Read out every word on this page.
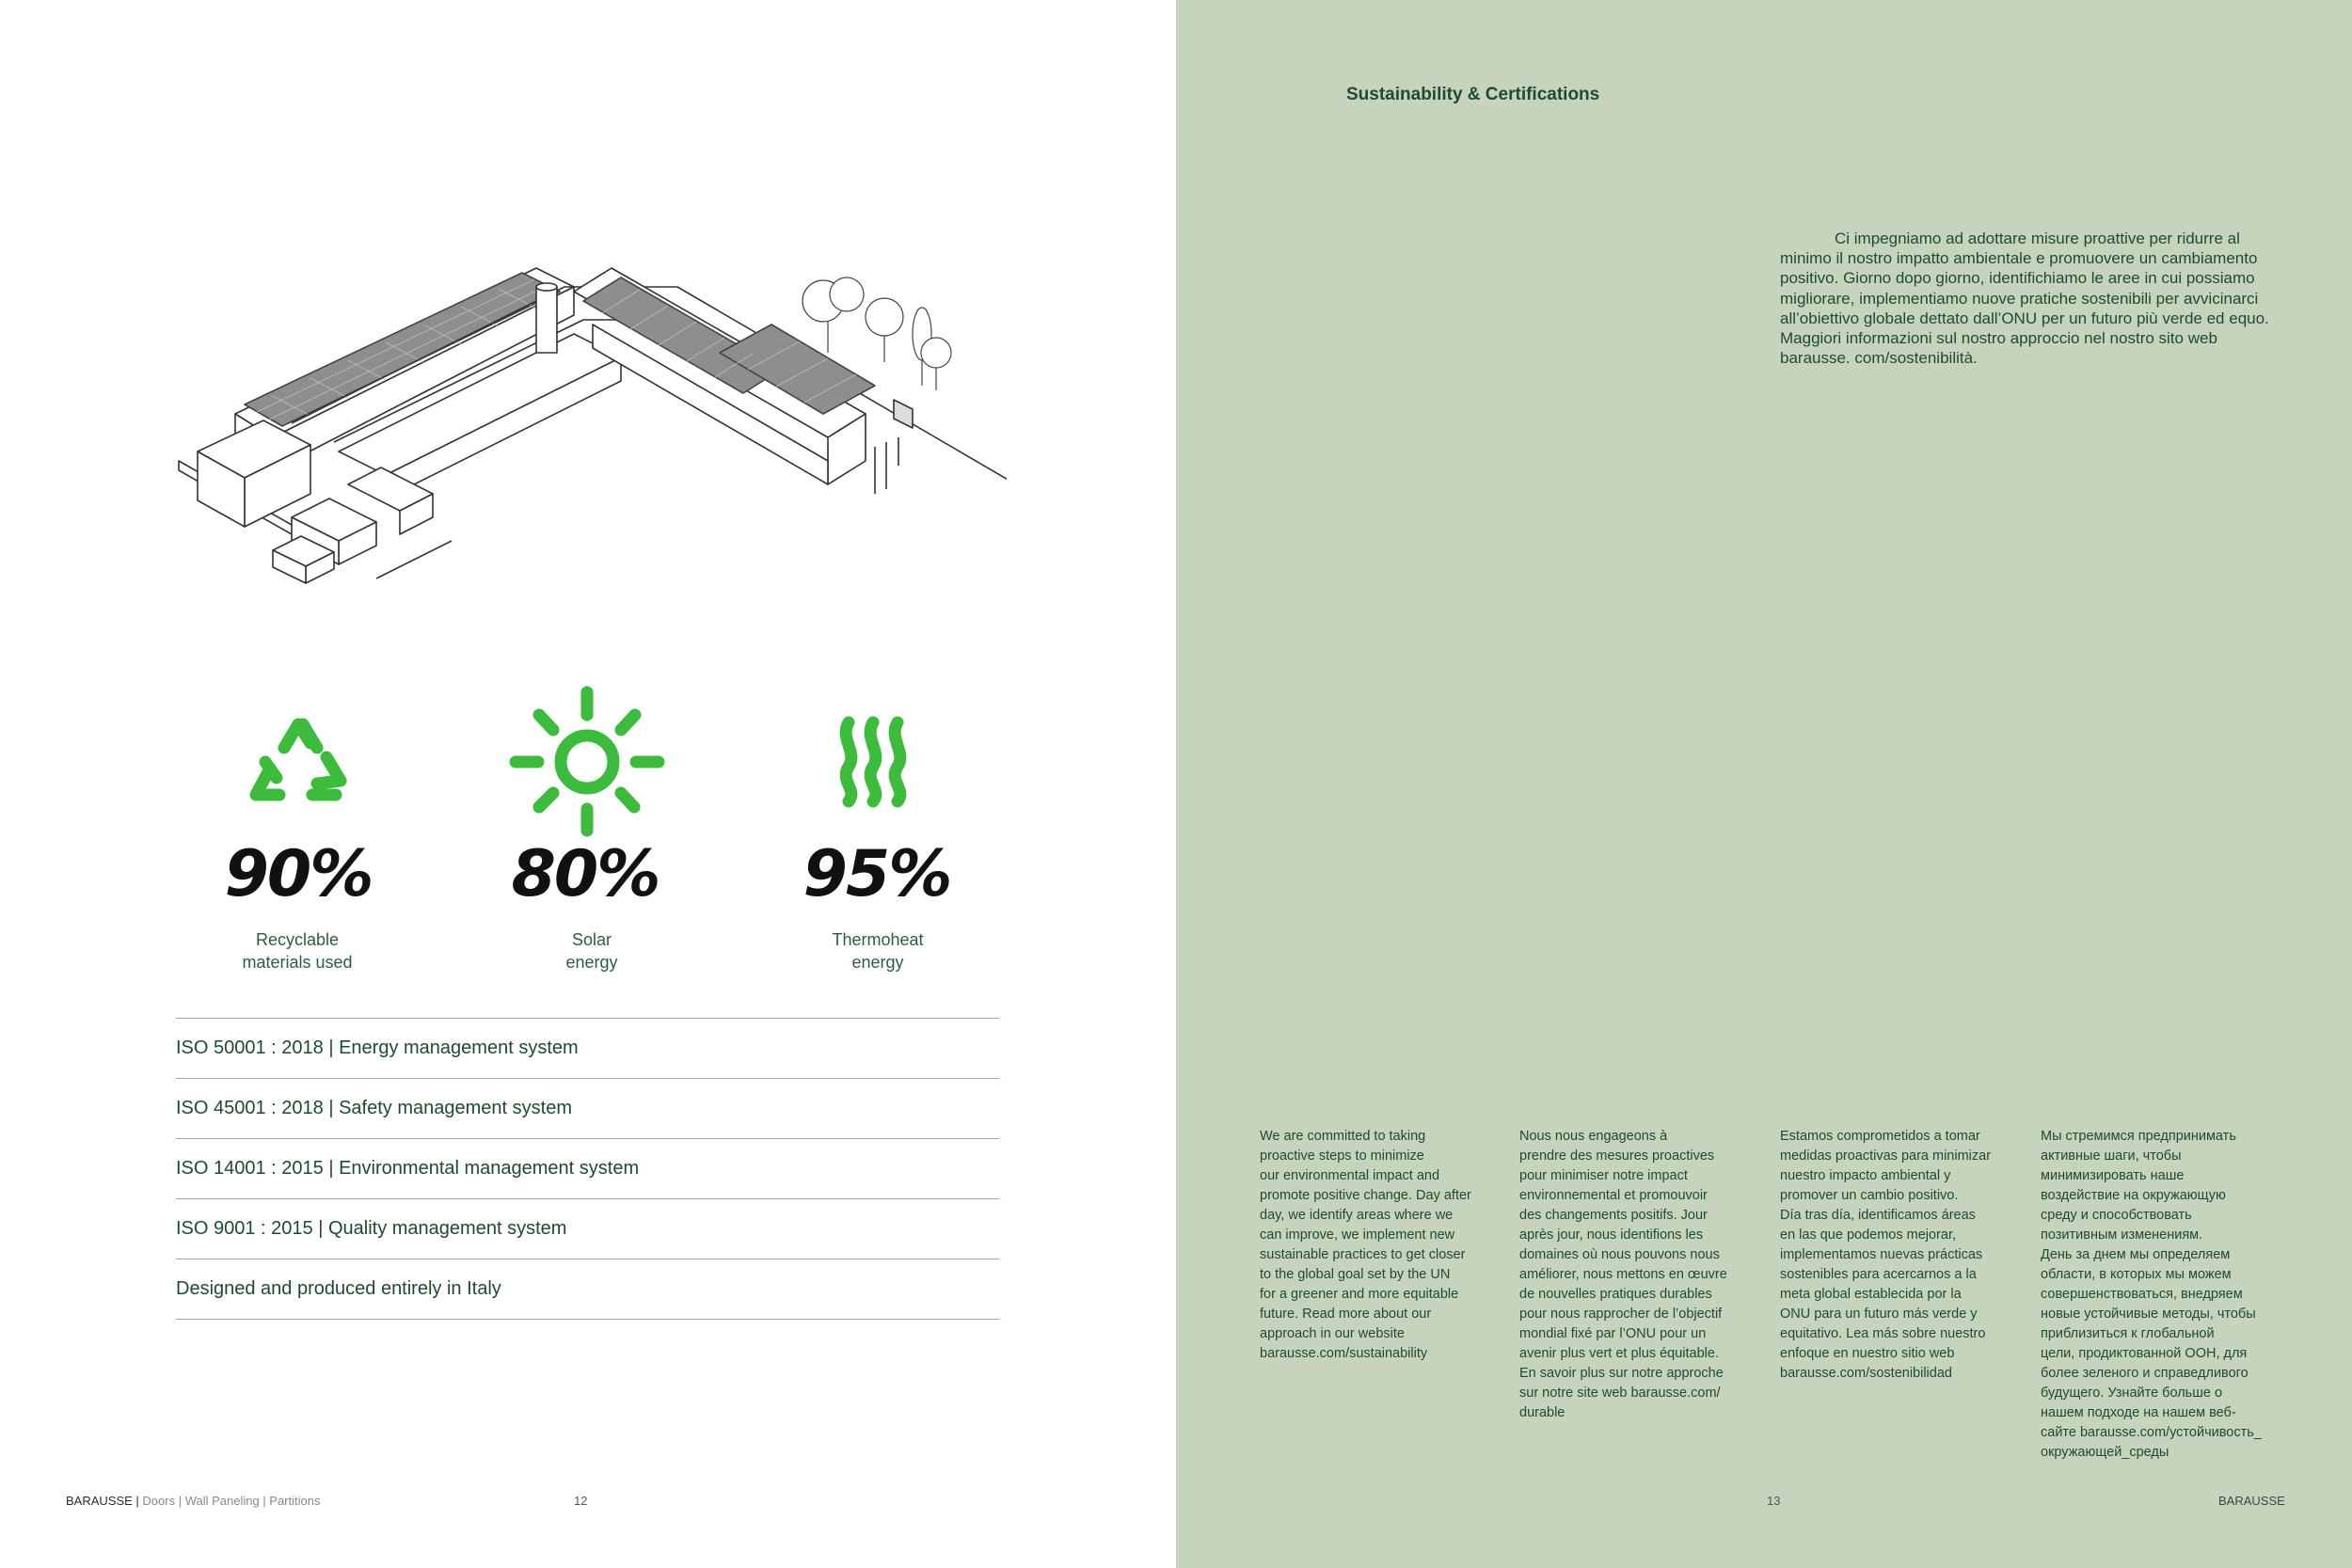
90%	80%	95%
Recyclable
materials used
Solar
energy
Thermoheat
energy
ISO 50001 : 2018 | Energy management system
ISO 45001 : 2018 | Safety management system
ISO 14001 : 2015 | Environmental management system
ISO 9001 : 2015 | Quality management system
Designed and produced entirely in Italy
BARAUSSE | Doors | Wall Paneling | Partitions	12
Sustainability & Certifications

Ci impegniamo ad adottare misure proattive per ridurre al minimo il nostro impatto ambientale e promuovere un cambiamento positivo. Giorno dopo giorno, identifichiamo le aree in cui possiamo migliorare, implementiamo nuove pratiche sostenibili per avvicinarci all’obiettivo globale dettato dall’ONU per un futuro più verde ed equo. Maggiori informazioni sul nostro approccio nel nostro sito web barausse. com/sostenibilità.

We are committed to taking
proactive steps to minimize
our environmental impact and
promote positive change. Day after
day, we identify areas where we
can improve, we implement new
sustainable practices to get closer
to the global goal set by the UN
for a greener and more equitable
future. Read more about our
approach in our website
barausse.com/sustainability
Nous nous engageons à
prendre des mesures proactives
pour minimiser notre impact
environnemental et promouvoir
des changements positifs. Jour
après jour, nous identifions les
domaines où nous pouvons nous
améliorer, nous mettons en œuvre
de nouvelles pratiques durables
pour nous rapprocher de l’objectif
mondial fixé par l’ONU pour un
avenir plus vert et plus équitable.
En savoir plus sur notre approche
sur notre site web barausse.com/
durable
Estamos comprometidos a tomar
medidas proactivas para minimizar
nuestro impacto ambiental y
promover un cambio positivo.
Día tras día, identificamos áreas
en las que podemos mejorar,
implementamos nuevas prácticas
sostenibles para acercarnos a la
meta global establecida por la
ONU para un futuro más verde y
equitativo. Lea más sobre nuestro
enfoque en nuestro sitio web
barausse.com/sostenibilidad
Мы стремимся предпринимать
активные шаги, чтобы
минимизировать наше
воздействие на окружающую
среду и способствовать
позитивным изменениям.
День за днем мы определяем
области, в которых мы можем
совершенствоваться, внедряем
новые устойчивые методы, чтобы
приблизиться к глобальной
цели, продиктованной ООН, для
более зеленого и справедливого
будущего. Узнайте больше о
нашем подходе на нашем веб-
сайте barausse.com/устойчивость_
окружающей_среды
13	BARAUSSE
